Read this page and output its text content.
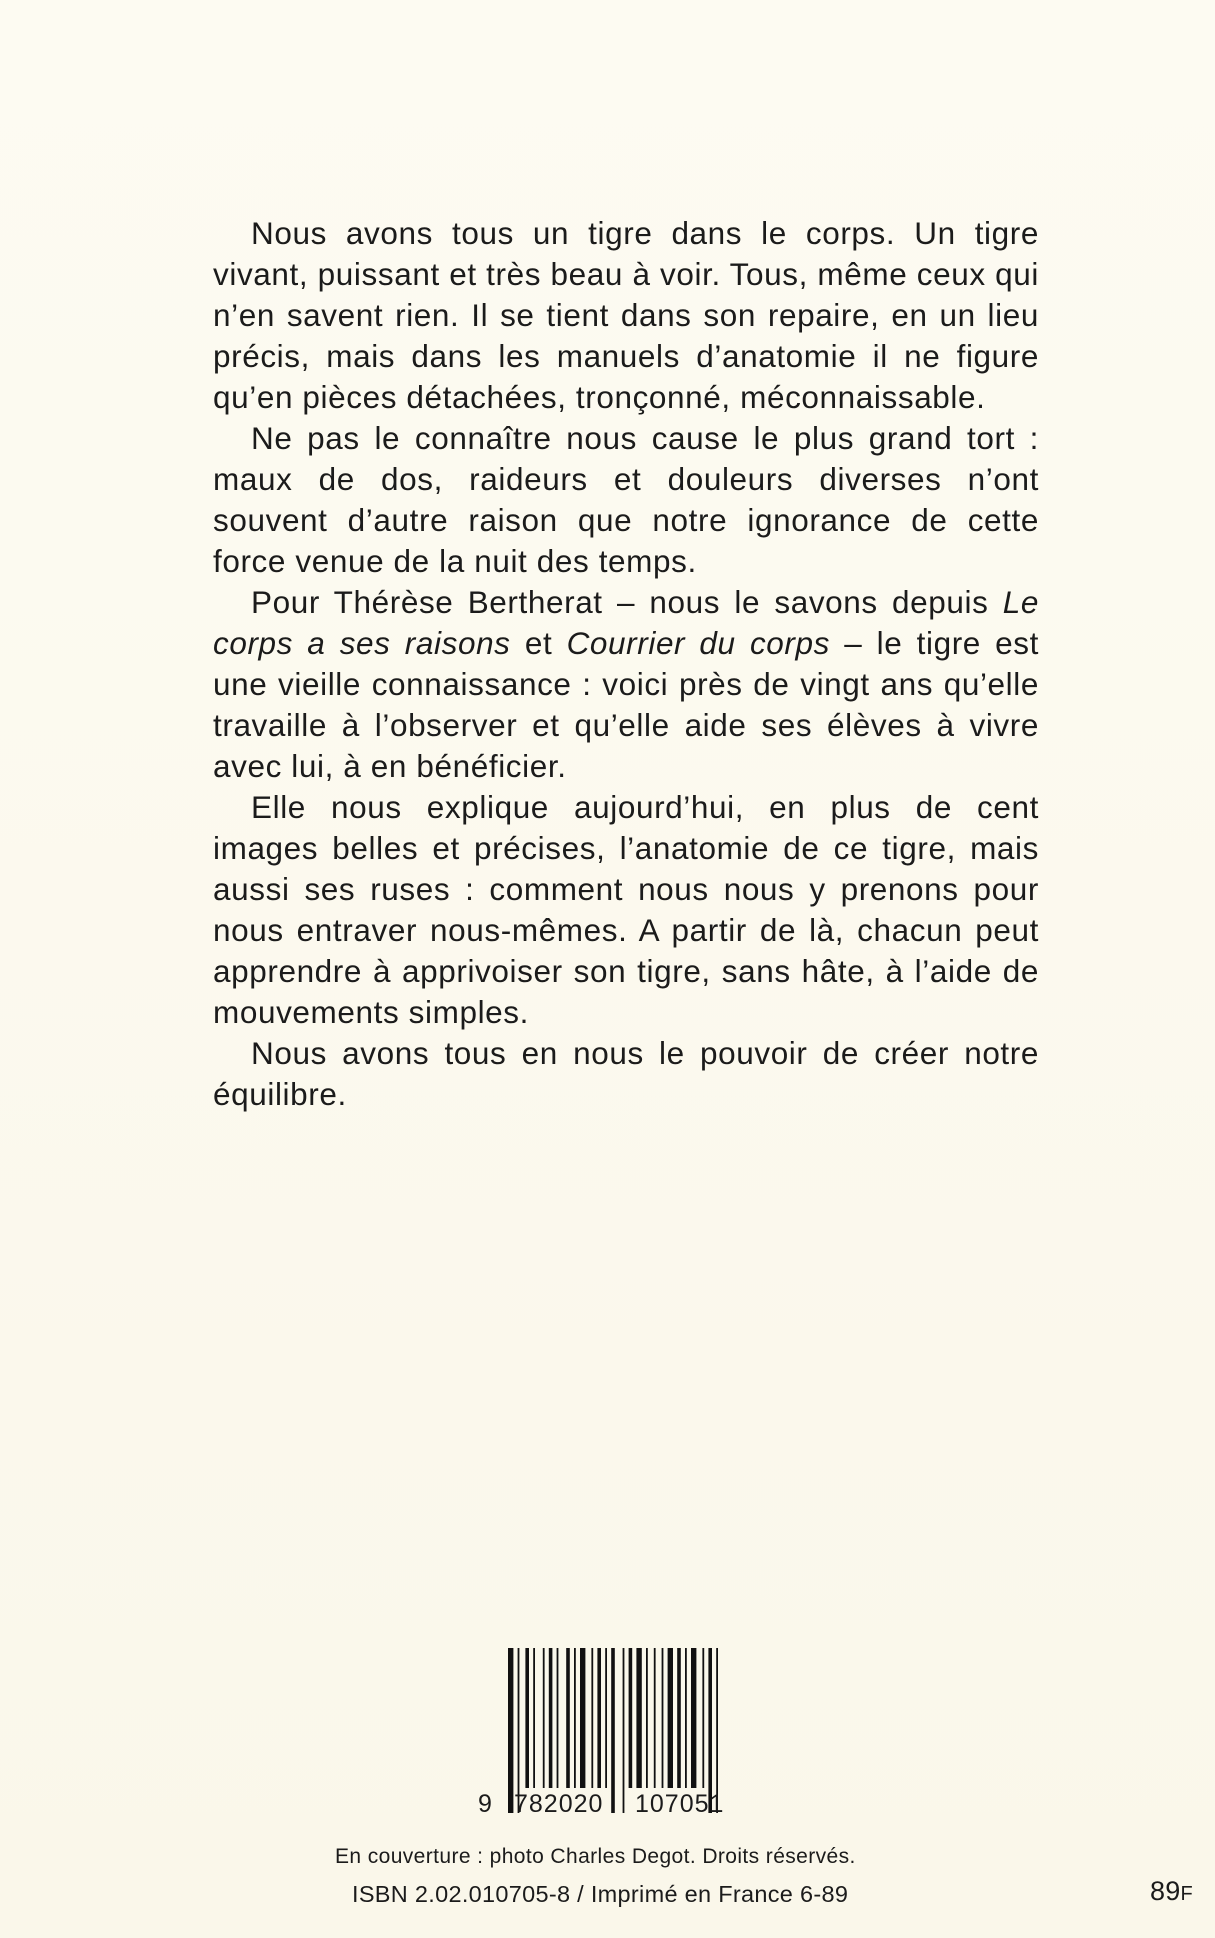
Nous avons tous un tigre dans le corps. Un tigre vivant, puissant et très beau à voir. Tous, même ceux qui n’en savent rien. Il se tient dans son repaire, en un lieu précis, mais dans les manuels d’anatomie il ne figure qu’en pièces détachées, tronçonné, méconnaissable.

Ne pas le connaître nous cause le plus grand tort : maux de dos, raideurs et douleurs diverses n’ont souvent d’autre raison que notre ignorance de cette force venue de la nuit des temps.

Pour Thérèse Bertherat – nous le savons depuis Le corps a ses raisons et Courrier du corps – le tigre est une vieille connaissance : voici près de vingt ans qu’elle travaille à l’observer et qu’elle aide ses élèves à vivre avec lui, à en bénéficier.

Elle nous explique aujourd’hui, en plus de cent images belles et précises, l’anatomie de ce tigre, mais aussi ses ruses : comment nous nous y prenons pour nous entraver nous-mêmes. A partir de là, chacun peut apprendre à apprivoiser son tigre, sans hâte, à l’aide de mouvements simples.

Nous avons tous en nous le pouvoir de créer notre équilibre.

9 782020 107051
En couverture : photo Charles Degot. Droits réservés.
ISBN 2.02.010705-8 / Imprimé en France 6-89	89F
